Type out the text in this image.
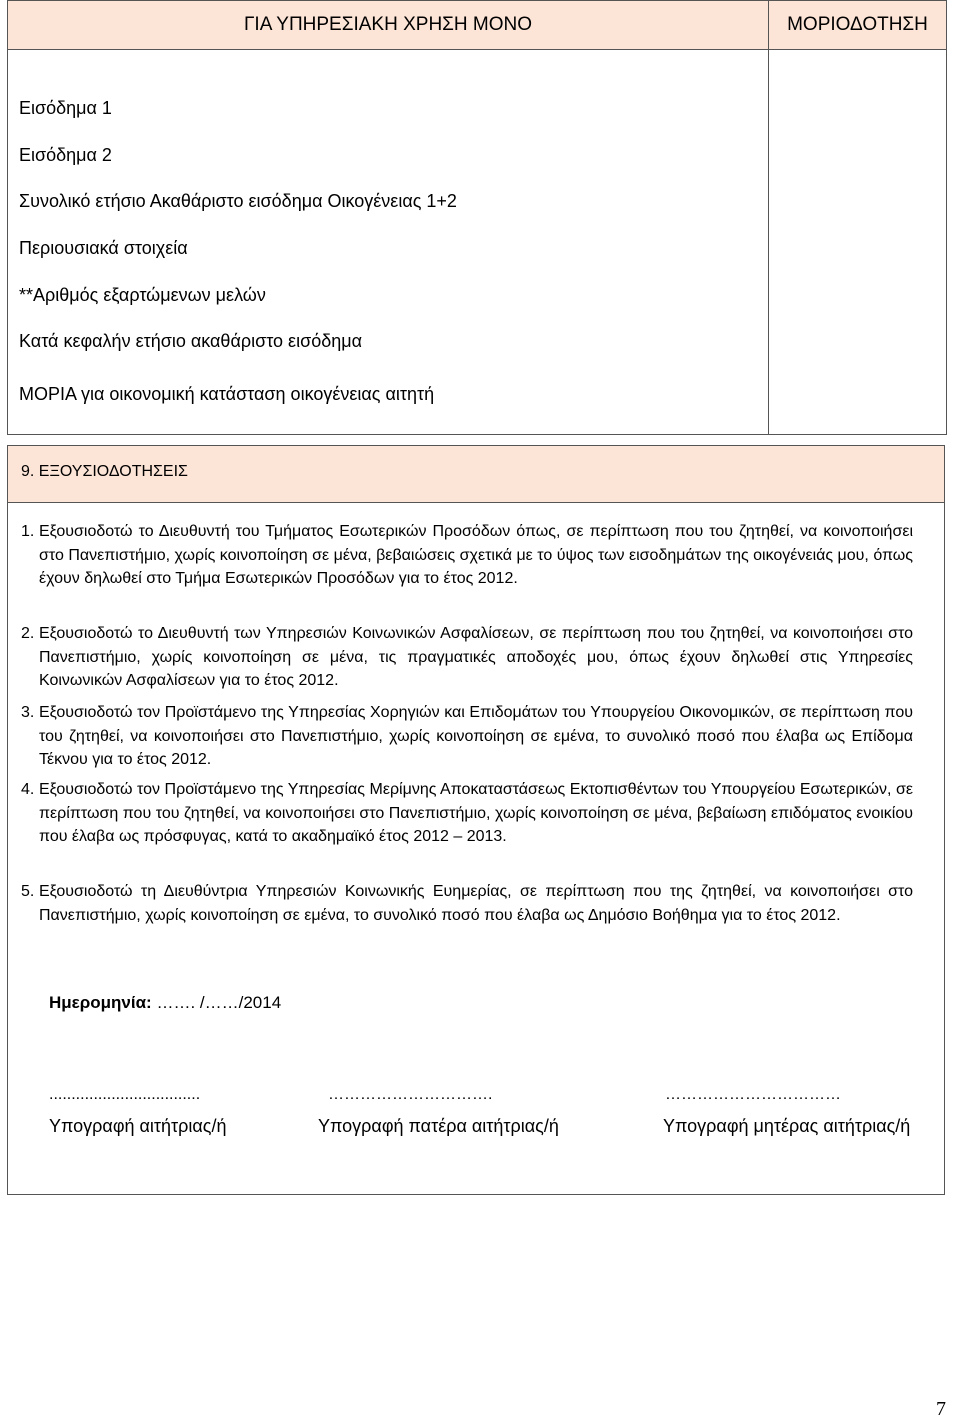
ΓΙΑ ΥΠΗΡΕΣΙΑΚΗ ΧΡΗΣΗ ΜΟΝΟ	ΜΟΡΙΟΔΟΤΗΣΗ

Εισόδημα 1
Εισόδημα 2
Συνολικό ετήσιο Ακαθάριστο εισόδημα Οικογένειας 1+2
Περιουσιακά στοιχεία
**Αριθμός εξαρτώμενων μελών
Κατά κεφαλήν ετήσιο ακαθάριστο εισόδημα
ΜΟΡΙΑ για οικονομική κατάσταση οικογένειας αιτητή
9. ΕΞΟΥΣΙΟΔΟΤΗΣΕΙΣ
1. Εξουσιοδοτώ το Διευθυντή του Τμήματος Εσωτερικών Προσόδων όπως, σε περίπτωση που του ζητηθεί, να κοινοποιήσει στο Πανεπιστήμιο, χωρίς κοινοποίηση σε μένα, βεβαιώσεις σχετικά με το ύψος των εισοδημάτων της οικογένειάς μου, όπως έχουν δηλωθεί στο Τμήμα Εσωτερικών Προσόδων για το έτος 2012.
2. Εξουσιοδοτώ το Διευθυντή των Υπηρεσιών Κοινωνικών Ασφαλίσεων, σε περίπτωση που του ζητηθεί, να κοινοποιήσει στο Πανεπιστήμιο, χωρίς κοινοποίηση σε μένα, τις πραγματικές αποδοχές μου, όπως έχουν δηλωθεί στις Υπηρεσίες Κοινωνικών Ασφαλίσεων για το έτος 2012.
3. Εξουσιοδοτώ τον Προϊστάμενο της Υπηρεσίας Χορηγιών και Επιδομάτων του Υπουργείου Οικονομικών, σε περίπτωση που του ζητηθεί, να κοινοποιήσει στο Πανεπιστήμιο, χωρίς κοινοποίηση σε εμένα, το συνολικό ποσό που έλαβα ως Επίδομα Τέκνου για το έτος 2012.
4. Εξουσιοδοτώ τον Προϊστάμενο της Υπηρεσίας Μερίμνης Αποκαταστάσεως Εκτοπισθέντων του Υπουργείου Εσωτερικών, σε περίπτωση που του ζητηθεί, να κοινοποιήσει στο Πανεπιστήμιο, χωρίς κοινοποίηση σε μένα, βεβαίωση επιδόματος ενοικίου που έλαβα ως πρόσφυγας, κατά το ακαδημαϊκό έτος 2012 – 2013.
5. Εξουσιοδοτώ τη Διευθύντρια Υπηρεσιών Κοινωνικής Ευημερίας, σε περίπτωση που της ζητηθεί, να κοινοποιήσει στο Πανεπιστήμιο, χωρίς κοινοποίηση σε εμένα, το συνολικό ποσό που έλαβα ως Δημόσιο Βοήθημα για το έτος 2012.
Ημερομηνία: ……. /……/2014
..................................	………………………….	……………………………
Υπογραφή αιτήτριας/ή	Υπογραφή πατέρα αιτήτριας/ή	Υπογραφή μητέρας αιτήτριας/ή
7
